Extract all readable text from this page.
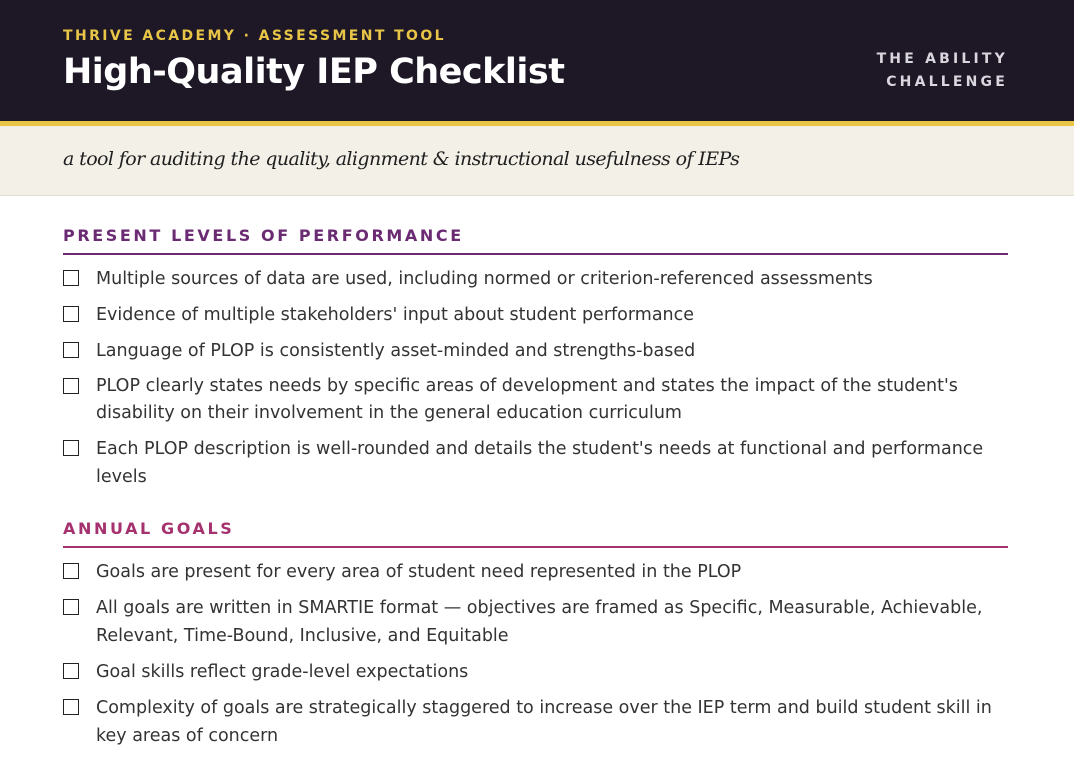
THRIVE ACADEMY · ASSESSMENT TOOL
High-Quality IEP Checklist	THE ABILITY
CHALLENGE
a tool for auditing the quality, alignment & instructional usefulness of IEPs
PRESENT LEVELS OF PERFORMANCE
Multiple sources of data are used, including normed or criterion-referenced assessments
Evidence of multiple stakeholders' input about student performance
Language of PLOP is consistently asset-minded and strengths-based
PLOP clearly states needs by specific areas of development and states the impact of the student's disability on their involvement in the general education curriculum
Each PLOP description is well-rounded and details the student's needs at functional and performance levels
ANNUAL GOALS
Goals are present for every area of student need represented in the PLOP
All goals are written in SMARTIE format — objectives are framed as Specific, Measurable, Achievable, Relevant, Time-Bound, Inclusive, and Equitable
Goal skills reflect grade-level expectations
Complexity of goals are strategically staggered to increase over the IEP term and build student skill in key areas of concern
